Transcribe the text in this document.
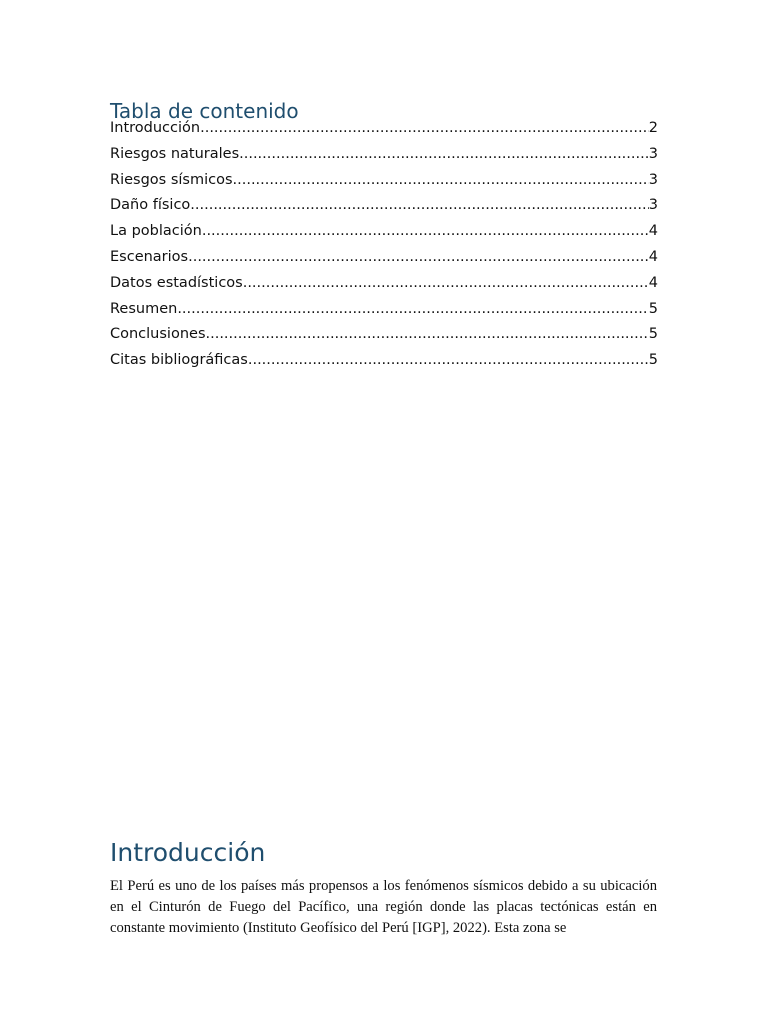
Tabla de contenido
Introducción .....	2
Riesgos naturales .....	3
Riesgos sísmicos .....	3
Daño físico .....	3
La población .....	4
Escenarios .....	4
Datos estadísticos .....	4
Resumen .....	5
Conclusiones .....	5
Citas bibliográficas .....	5
Introducción

El Perú es uno de los países más propensos a los fenómenos sísmicos debido a su ubicación en el Cinturón de Fuego del Pacífico, una región donde las placas tectónicas están en constante movimiento (Instituto Geofísico del Perú [IGP], 2022). Esta zona se
